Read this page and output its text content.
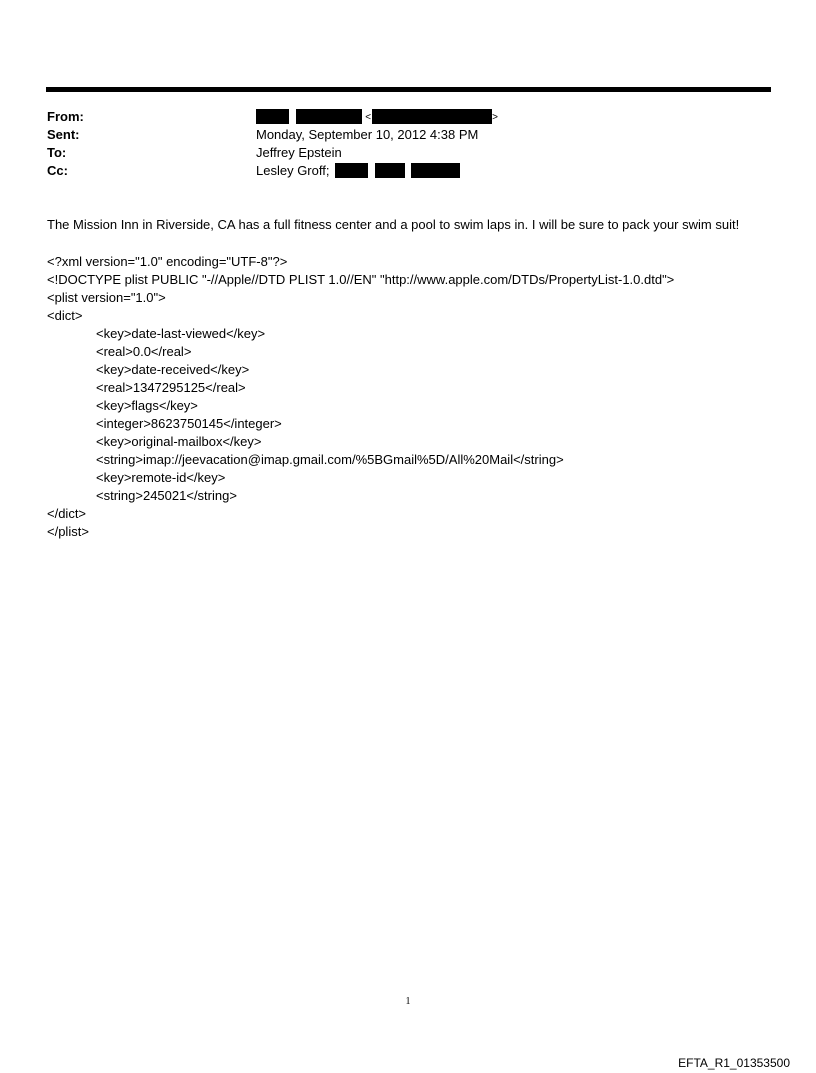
From:	<	>
Sent:	Monday, September 10, 2012 4:38 PM
To:	Jeffrey Epstein
Cc:	Lesley Groff;
The Mission Inn in Riverside, CA has a full fitness center and a pool to swim laps in. I will be sure to pack your swim suit!
<?xml version="1.0" encoding="UTF-8"?>
<!DOCTYPE plist PUBLIC "-//Apple//DTD PLIST 1.0//EN" "http://www.apple.com/DTDs/PropertyList-1.0.dtd">
<plist version="1.0">
<dict>
<key>date-last-viewed</key>
<real>0.0</real>
<key>date-received</key>
<real>1347295125</real>
<key>flags</key>
<integer>8623750145</integer>
<key>original-mailbox</key>
<string>imap://jeevacation@imap.gmail.com/%5BGmail%5D/All%20Mail</string>
<key>remote-id</key>
<string>245021</string>
</dict>
</plist>
1
EFTA_R1_01353500
